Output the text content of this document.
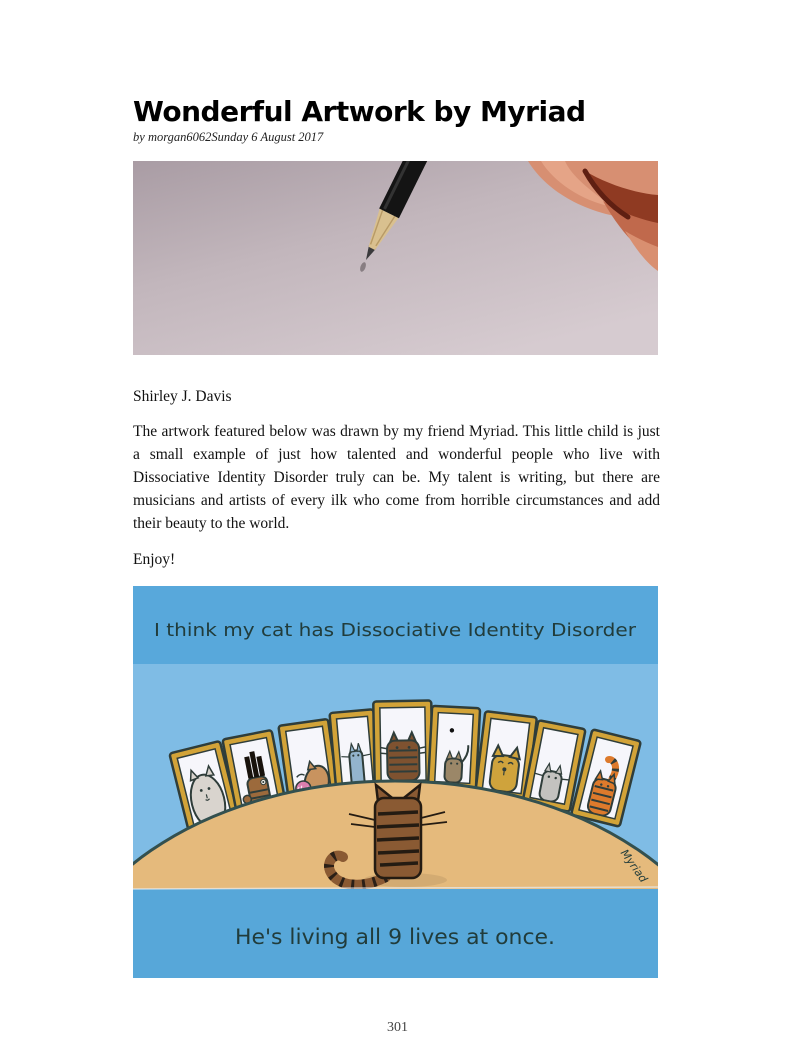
Wonderful Artwork by Myriad
by morgan6062Sunday 6 August 2017
Shirley J. Davis

The artwork featured below was drawn by my friend Myriad. This little child is just a small example of just how talented and wonderful people who live with Dissociative Identity Disorder truly can be. My talent is writing, but there are musicians and artists of every ilk who come from horrible circumstances and add their beauty to the world.

Enjoy!
I think my cat has Dissociative Identity Disorder
Myriad
He's living all 9 lives at once.
301
